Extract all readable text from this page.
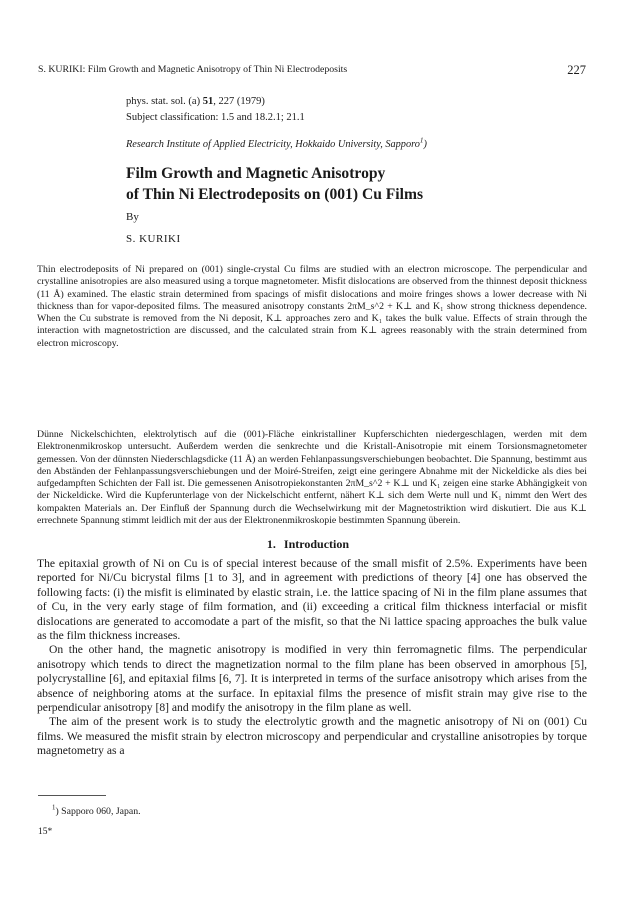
S. KURIKI: Film Growth and Magnetic Anisotropy of Thin Ni Electrodeposits	227
phys. stat. sol. (a) 51, 227 (1979)
Subject classification: 1.5 and 18.2.1; 21.1
Research Institute of Applied Electricity, Hokkaido University, Sapporo$^1$)
Film Growth and Magnetic Anisotropy
of Thin Ni Electrodeposits on (001) Cu Films
By
S. KURIKI
Thin electrodeposits of Ni prepared on (001) single-crystal Cu films are studied with an electron microscope. The perpendicular and crystalline anisotropies are also measured using a torque magnetometer. Misfit dislocations are observed from the thinnest deposit thickness (11 Å) examined. The elastic strain determined from spacings of misfit dislocations and moire fringes shows a lower decrease with Ni thickness than for vapor-deposited films. The measured anisotropy constants 2πM_s^2 + K⊥ and K₁ show strong thickness dependence. When the Cu substrate is removed from the Ni deposit, K⊥ approaches zero and K₁ takes the bulk value. Effects of strain through the interaction with magnetostriction are discussed, and the calculated strain from K⊥ agrees reasonably with the strain determined from electron microscopy.
Dünne Nickelschichten, elektrolytisch auf die (001)-Fläche einkristalliner Kupferschichten niedergeschlagen, werden mit dem Elektronenmikroskop untersucht. Außerdem werden die senkrechte und die Kristall-Anisotropie mit einem Torsionsmagnetometer gemessen. Von der dünnsten Niederschlagsdicke (11 Å) an werden Fehlanpassungsverschiebungen beobachtet. Die Spannung, bestimmt aus den Abständen der Fehlanpassungsverschiebungen und der Moiré-Streifen, zeigt eine geringere Abnahme mit der Nickeldicke als dies bei aufgedampften Schichten der Fall ist. Die gemessenen Anisotropiekonstanten 2πM_s^2 + K⊥ und K₁ zeigen eine starke Abhängigkeit von der Nickeldicke. Wird die Kupferunterlage von der Nickelschicht entfernt, nähert K⊥ sich dem Werte null und K₁ nimmt den Wert des kompakten Materials an. Der Einfluß der Spannung durch die Wechselwirkung mit der Magnetostriktion wird diskutiert. Die aus K⊥ errechnete Spannung stimmt leidlich mit der aus der Elektronenmikroskopie bestimmten Spannung überein.
1. Introduction

The epitaxial growth of Ni on Cu is of special interest because of the small misfit of 2.5%. Experiments have been reported for Ni/Cu bicrystal films [1 to 3], and in agreement with predictions of theory [4] one has observed the following facts: (i) the misfit is eliminated by elastic strain, i.e. the lattice spacing of Ni in the film plane assumes that of Cu, in the very early stage of film formation, and (ii) exceeding a critical film thickness interfacial or misfit dislocations are generated to accomodate a part of the misfit, so that the Ni lattice spacing approaches the bulk value as the film thickness increases.

On the other hand, the magnetic anisotropy is modified in very thin ferromagnetic films. The perpendicular anisotropy which tends to direct the magnetization normal to the film plane has been observed in amorphous [5], polycrystalline [6], and epitaxial films [6, 7]. It is interpreted in terms of the surface anisotropy which arises from the absence of neighboring atoms at the surface. In epitaxial films the presence of misfit strain may give rise to the perpendicular anisotropy [8] and modify the anisotropy in the film plane as well.

The aim of the present work is to study the electrolytic growth and the magnetic anisotropy of Ni on (001) Cu films. We measured the misfit strain by electron microscopy and perpendicular and crystalline anisotropies by torque magnetometry as a

$^1$) Sapporo 060, Japan.
15*
